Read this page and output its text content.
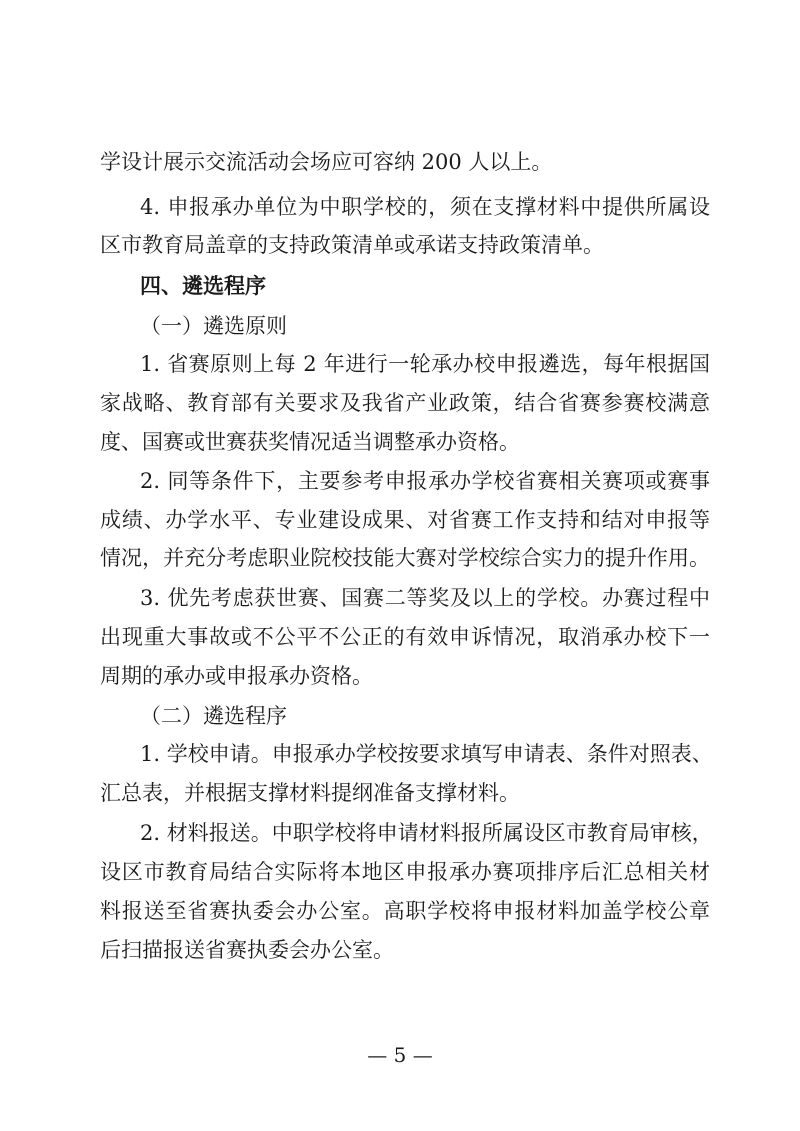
学设计展示交流活动会场应可容纳 200 人以上。
4. 申报承办单位为中职学校的，须在支撑材料中提供所属设
区市教育局盖章的支持政策清单或承诺支持政策清单。
四、遴选程序
（一）遴选原则
1. 省赛原则上每 2 年进行一轮承办校申报遴选，每年根据国
家战略、教育部有关要求及我省产业政策，结合省赛参赛校满意
度、国赛或世赛获奖情况适当调整承办资格。
2. 同等条件下，主要参考申报承办学校省赛相关赛项或赛事
成绩、办学水平、专业建设成果、对省赛工作支持和结对申报等
情况，并充分考虑职业院校技能大赛对学校综合实力的提升作用。
3. 优先考虑获世赛、国赛二等奖及以上的学校。办赛过程中
出现重大事故或不公平不公正的有效申诉情况，取消承办校下一
周期的承办或申报承办资格。
（二）遴选程序
1. 学校申请。申报承办学校按要求填写申请表、条件对照表、
汇总表，并根据支撑材料提纲准备支撑材料。
2. 材料报送。中职学校将申请材料报所属设区市教育局审核，
设区市教育局结合实际将本地区申报承办赛项排序后汇总相关材
料报送至省赛执委会办公室。高职学校将申报材料加盖学校公章
后扫描报送省赛执委会办公室。
— 5 —
